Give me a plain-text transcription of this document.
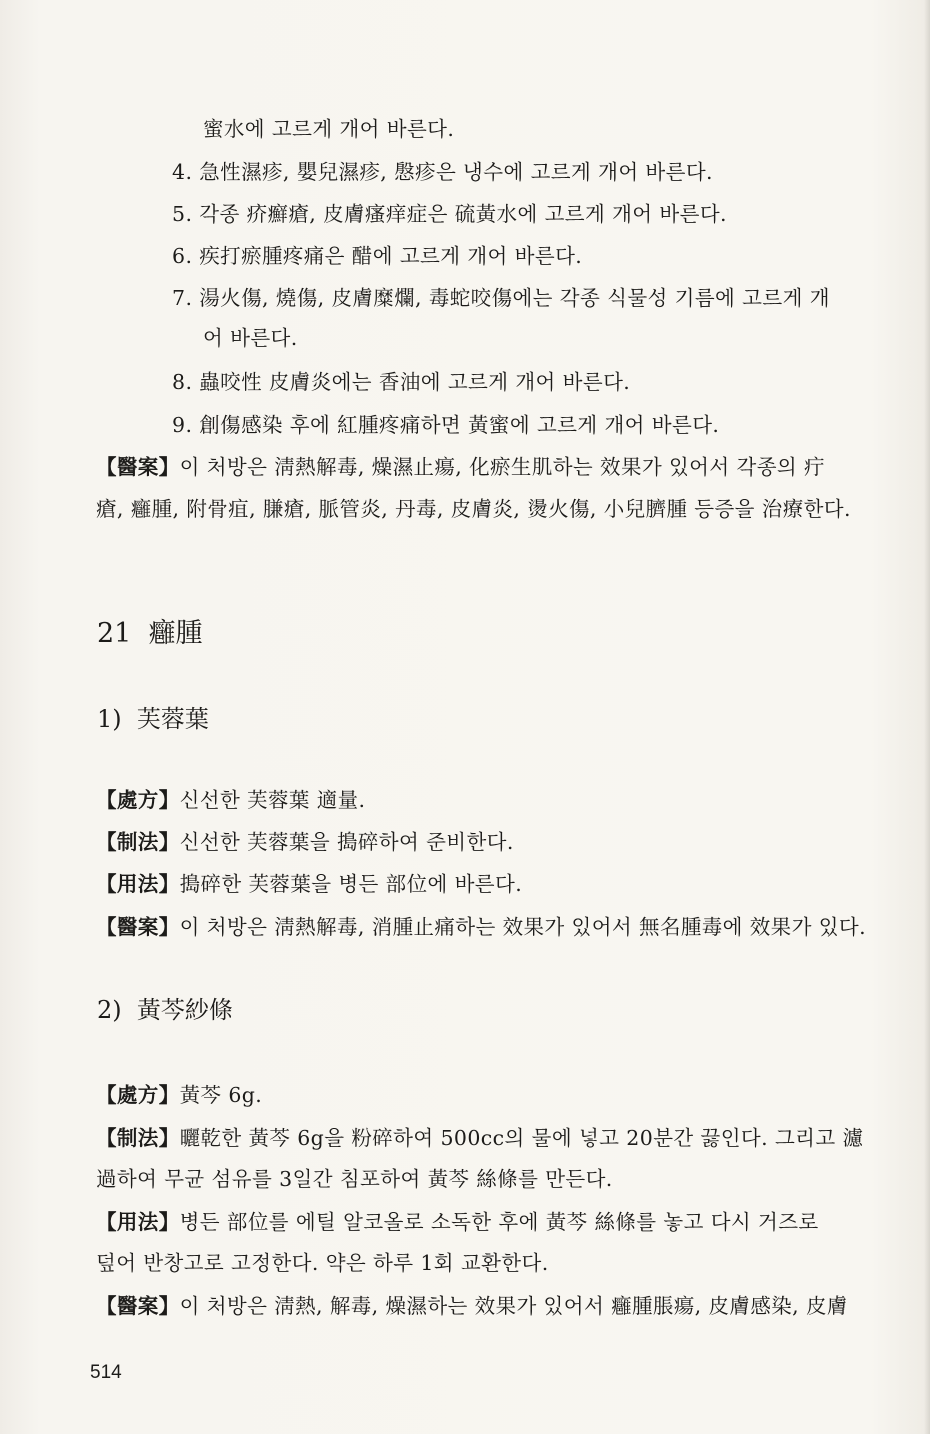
蜜水에 고르게 개어 바른다.
4. 急性濕疹, 嬰兒濕疹, 慇疹은 냉수에 고르게 개어 바른다.
5. 각종 疥癬瘡, 皮膚瘙痒症은 硫黃水에 고르게 개어 바른다.
6. 疾打瘀腫疼痛은 醋에 고르게 개어 바른다.
7. 湯火傷, 燒傷, 皮膚糜爛, 毒蛇咬傷에는 각종 식물성 기름에 고르게 개
어 바른다.
8. 蟲咬性 皮膚炎에는 香油에 고르게 개어 바른다.
9. 創傷感染 후에 紅腫疼痛하면 黃蜜에 고르게 개어 바른다.
【醫案】이 처방은 淸熱解毒, 燥濕止瘍, 化瘀生肌하는 效果가 있어서 각종의 疔
瘡, 癰腫, 附骨疽, 膁瘡, 脈管炎, 丹毒, 皮膚炎, 燙火傷, 小兒臍腫 등증을 治療한다.
21 癰腫
1) 芙蓉葉
【處方】신선한 芙蓉葉 適量.
【制法】신선한 芙蓉葉을 搗碎하여 준비한다.
【用法】搗碎한 芙蓉葉을 병든 部位에 바른다.
【醫案】이 처방은 淸熱解毒, 消腫止痛하는 效果가 있어서 無名腫毒에 效果가 있다.
2) 黃芩紗條
【處方】黃芩 6g.
【制法】曬乾한 黃芩 6g을 粉碎하여 500cc의 물에 넣고 20분간 끓인다. 그리고 濾
過하여 무균 섬유를 3일간 침포하여 黃芩 絲條를 만든다.
【用法】병든 部位를 에틸 알코올로 소독한 후에 黃芩 絲條를 놓고 다시 거즈로
덮어 반창고로 고정한다. 약은 하루 1회 교환한다.
【醫案】이 처방은 淸熱, 解毒, 燥濕하는 效果가 있어서 癰腫脹瘍, 皮膚感染, 皮膚
514
